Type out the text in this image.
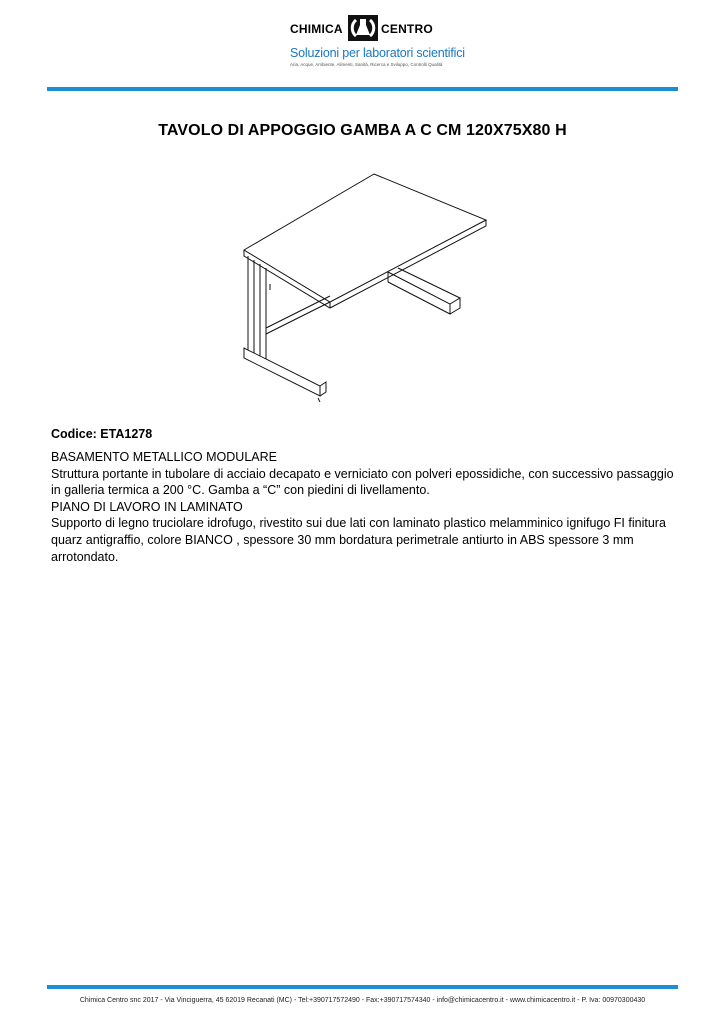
CHIMICA	CENTRO
Soluzioni per laboratori scientifici
Aria, Acque, Ambiente, Alimenti, Sanità, Ricerca e Sviluppo, Controlli Qualità
TAVOLO DI APPOGGIO GAMBA A C CM 120X75X80 H
Codice: ETA1278

BASAMENTO METALLICO MODULARE

Struttura portante in tubolare di acciaio decapato e verniciato con polveri epossidiche, con successivo passaggio in galleria termica a 200 °C. Gamba a “C” con piedini di livellamento.

PIANO DI LAVORO IN LAMINATO

Supporto di legno truciolare idrofugo, rivestito sui due lati con laminato plastico melamminico ignifugo FI finitura quarz antigraffio, colore BIANCO , spessore 30 mm bordatura perimetrale antiurto in ABS spessore 3 mm arrotondato.

Chimica Centro snc 2017 - Via Vinciguerra, 45 62019 Recanati (MC) - Tel:+390717572490 - Fax:+390717574340 - info@chimicacentro.it - www.chimicacentro.it - P. Iva: 00970300430
